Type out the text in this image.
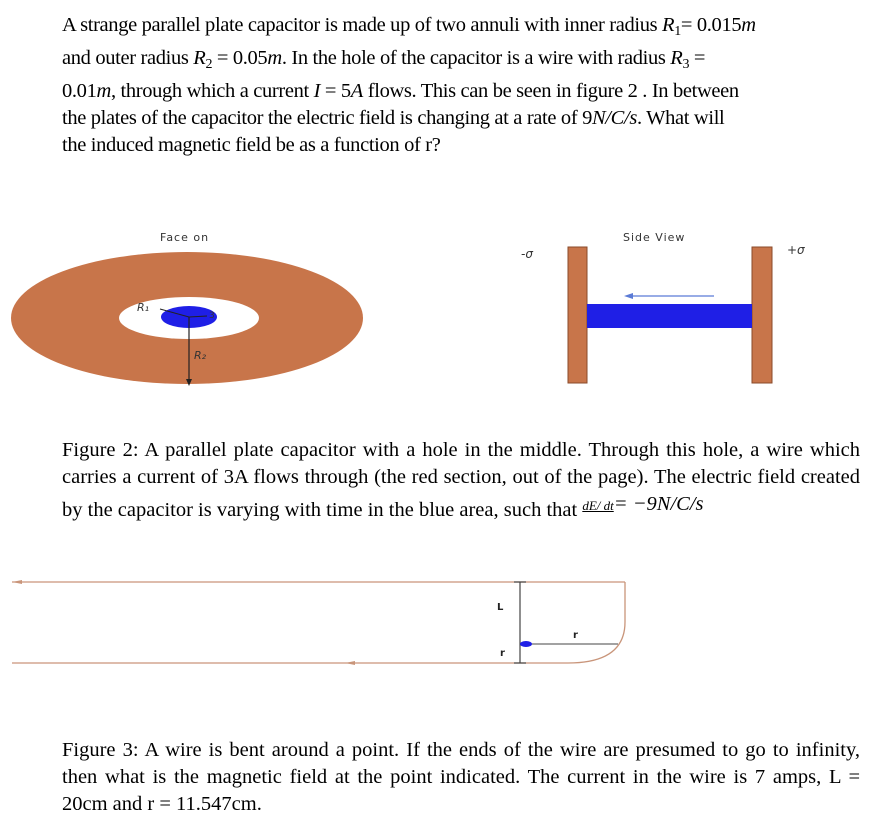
A strange parallel plate capacitor is made up of two annuli with inner radius $R_1= 0.015m$
and outer radius $R_2 = 0.05m$. In the hole of the capacitor is a wire with radius $R_3$ =
0.01m, through which a current I = 5A flows. This can be seen in figure 2 . In between
the plates of the capacitor the electric field is changing at a rate of 9N/C/s. What will
the induced magnetic field be as a function of r?

Face on	Side View
R₁
3
R₂
-σ	+σ

Figure 2: A parallel plate capacitor with a hole in the middle. Through this hole, a wire which carries a current of 3A flows through (the red section, out of the page). The electric field created by the capacitor is varying with time in the blue area, such that $^{dE/ dt}$= −9N/C/s

L
r
r

Figure 3: A wire is bent around a point. If the ends of the wire are presumed to go to infinity, then what is the magnetic field at the point indicated. The current in the wire is 7 amps, L = 20cm and r = 11.547cm.
